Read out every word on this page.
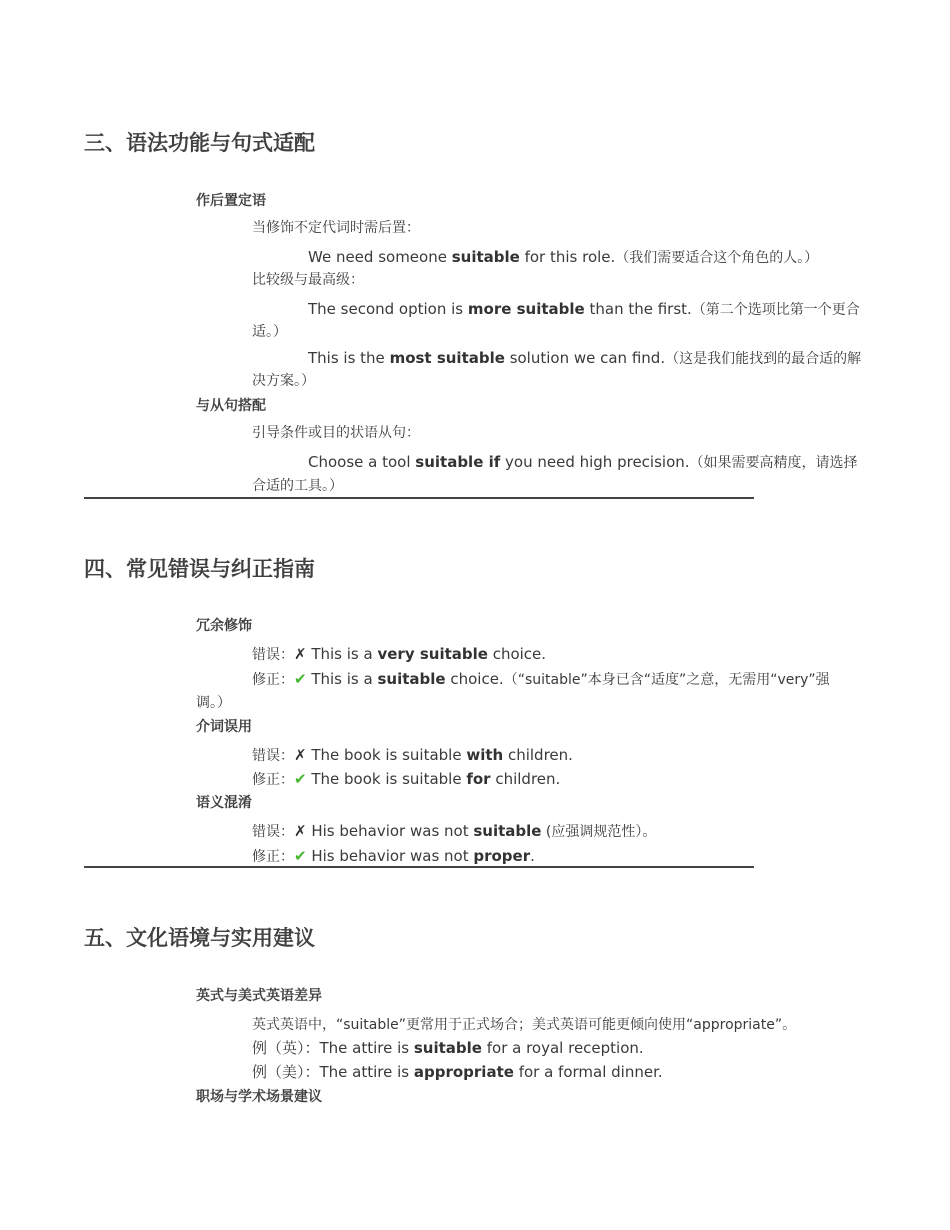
三、语法功能与句式适配
作后置定语

当修饰不定代词时需后置：

We need someone suitable for this role.（我们需要适合这个角色的人。）

比较级与最高级：

The second option is more suitable than the first.（第二个选项比第一个更合

适。）

This is the most suitable solution we can find.（这是我们能找到的最合适的解

决方案。）

与从句搭配

引导条件或目的状语从句：

Choose a tool suitable if you need high precision.（如果需要高精度，请选择

合适的工具。）

四、常见错误与纠正指南
冗余修饰

错误：✗ This is a very suitable choice.

修正：✔ This is a suitable choice.（“suitable”本身已含“适度”之意，无需用“very”强

调。）

介词误用

错误：✗ The book is suitable with children.

修正：✔ The book is suitable for children.

语义混淆

错误：✗ His behavior was not suitable (应强调规范性）。

修正：✔ His behavior was not proper.

五、文化语境与实用建议
英式与美式英语差异

英式英语中，“suitable”更常用于正式场合；美式英语可能更倾向使用“appropriate”。

例（英）：The attire is suitable for a royal reception.

例（美）：The attire is appropriate for a formal dinner.

职场与学术场景建议
